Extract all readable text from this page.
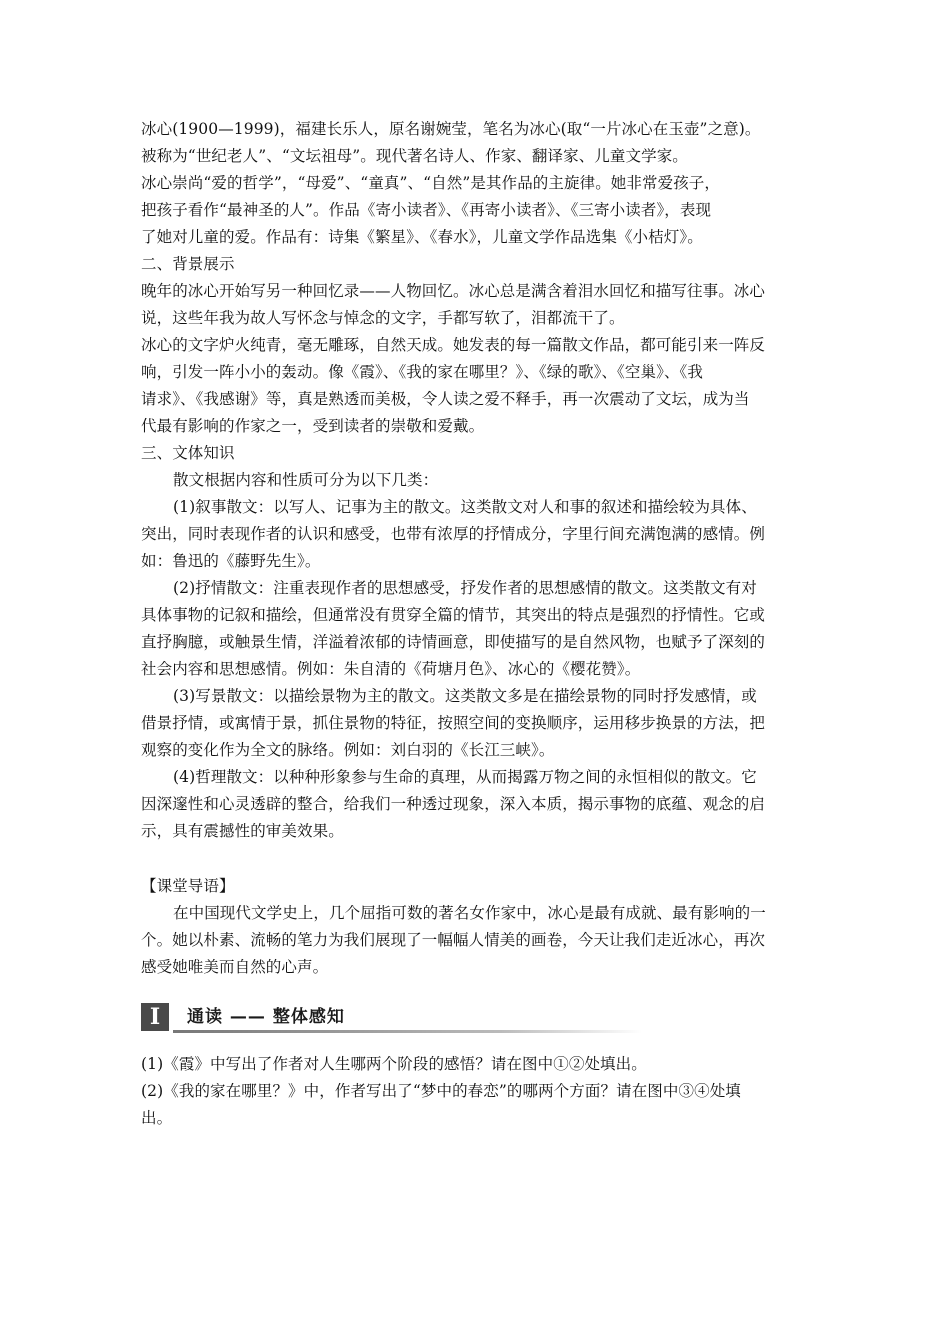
冰心(1900—1999)，福建长乐人，原名谢婉莹，笔名为冰心(取“一片冰心在玉壶”之意)。
被称为“世纪老人”、“文坛祖母”。现代著名诗人、作家、翻译家、儿童文学家。
冰心崇尚“爱的哲学”，“母爱”、“童真”、“自然”是其作品的主旋律。她非常爱孩子，
把孩子看作“最神圣的人”。作品《寄小读者》、《再寄小读者》、《三寄小读者》，表现
了她对儿童的爱。作品有：诗集《繁星》、《春水》，儿童文学作品选集《小桔灯》。
二、背景展示
晚年的冰心开始写另一种回忆录——人物回忆。冰心总是满含着泪水回忆和描写往事。冰心
说，这些年我为故人写怀念与悼念的文字，手都写软了，泪都流干了。
冰心的文字炉火纯青，毫无雕琢，自然天成。她发表的每一篇散文作品，都可能引来一阵反
响，引发一阵小小的轰动。像《霞》、《我的家在哪里？》、《绿的歌》、《空巢》、《我
请求》、《我感谢》等，真是熟透而美极，令人读之爱不释手，再一次震动了文坛，成为当
代最有影响的作家之一，受到读者的崇敬和爱戴。
三、文体知识
散文根据内容和性质可分为以下几类：
(1)叙事散文：以写人、记事为主的散文。这类散文对人和事的叙述和描绘较为具体、
突出，同时表现作者的认识和感受，也带有浓厚的抒情成分，字里行间充满饱满的感情。例
如：鲁迅的《藤野先生》。
(2)抒情散文：注重表现作者的思想感受，抒发作者的思想感情的散文。这类散文有对
具体事物的记叙和描绘，但通常没有贯穿全篇的情节，其突出的特点是强烈的抒情性。它或
直抒胸臆，或触景生情，洋溢着浓郁的诗情画意，即使描写的是自然风物，也赋予了深刻的
社会内容和思想感情。例如：朱自清的《荷塘月色》、冰心的《樱花赞》。
(3)写景散文：以描绘景物为主的散文。这类散文多是在描绘景物的同时抒发感情，或
借景抒情，或寓情于景，抓住景物的特征，按照空间的变换顺序，运用移步换景的方法，把
观察的变化作为全文的脉络。例如：刘白羽的《长江三峡》。
(4)哲理散文：以种种形象参与生命的真理，从而揭露万物之间的永恒相似的散文。它
因深邃性和心灵透辟的整合，给我们一种透过现象，深入本质，揭示事物的底蕴、观念的启
示，具有震撼性的审美效果。
【课堂导语】
在中国现代文学史上，几个屈指可数的著名女作家中，冰心是最有成就、最有影响的一
个。她以朴素、流畅的笔力为我们展现了一幅幅人情美的画卷，今天让我们走近冰心，再次
感受她唯美而自然的心声。
I	通读 —— 整体感知
(1)《霞》中写出了作者对人生哪两个阶段的感悟？请在图中①②处填出。
(2)《我的家在哪里？》中，作者写出了“梦中的春恋”的哪两个方面？请在图中③④处填
出。
